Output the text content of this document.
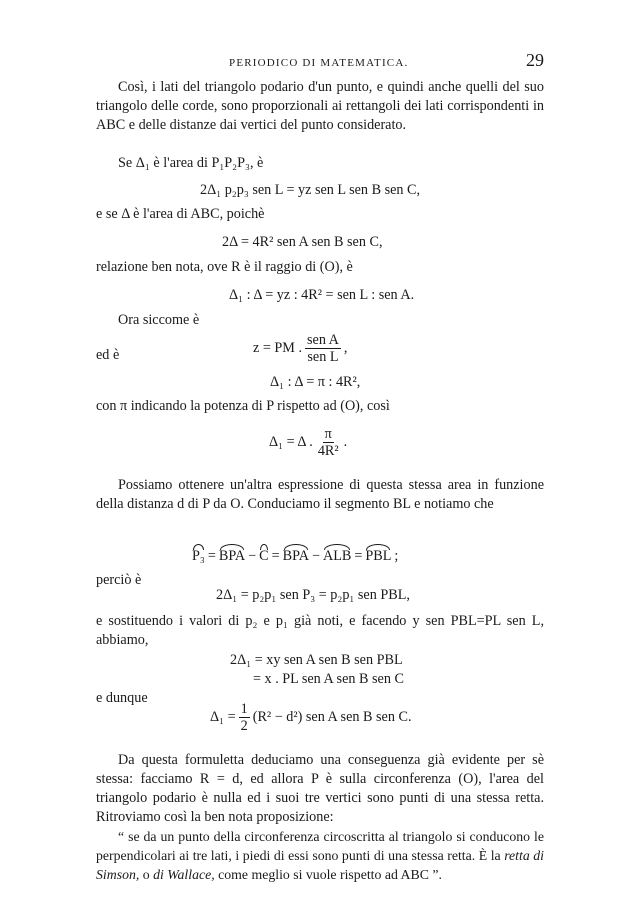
PERIODICO DI MATEMATICA.	29

Così, i lati del triangolo podario d'un punto, e quindi anche quelli del suo triangolo delle corde, sono proporzionali ai rettangoli dei lati corrispondenti in ABC e delle distanze dai vertici del punto considerato.

Se Δ₁ è l'area di P₁P₂P₃, è

2Δ₁ p₂p₃ sen L = yz sen L sen B sen C,

e se Δ è l'area di ABC, poichè

2Δ = 4R² sen A sen B sen C,

relazione ben nota, ove R è il raggio di (O), è

Δ₁ : Δ = yz : 4R² = sen L : sen A.

Ora siccome è

z = PM . $\frac{\text{sen A}}{\text{sen L}}$ ,

ed è

Δ₁ : Δ = π : 4R²,

con π indicando la potenza di P rispetto ad (O), così

Δ₁ = Δ . $\frac{\pi}{\text{4R²}}$ .

Possiamo ottenere un'altra espressione di questa stessa area in funzione della distanza d di P da O. Conduciamo il segmento BL e notiamo che

P₃ = BPA − C = BPA − ALB = PBL ;

perciò è

2Δ₁ = p₂p₁ sen P₃ = p₂p₁ sen PBL,

e sostituendo i valori di p₂ e p₁ già noti, e facendo y sen PBL=PL sen L, abbiamo,

2Δ₁ = xy sen A sen B sen PBL
= x . PL sen A sen B sen C

e dunque

$\Delta_1 = \frac{1}{2} (R^2 - d^2)$ sen A sen B sen C.

Da questa formuletta deduciamo una conseguenza già evidente per sè stessa: facciamo R = d, ed allora P è sulla circonferenza (O), l'area del triangolo podario è nulla ed i suoi tre vertici sono punti di una stessa retta. Ritroviamo così la ben nota proposizione:

“ se da un punto della circonferenza circoscritta al triangolo si conducono le perpendicolari ai tre lati, i piedi di essi sono punti di una stessa retta. È la retta di Simson, o di Wallace, come meglio si vuole rispetto ad ABC ”.
